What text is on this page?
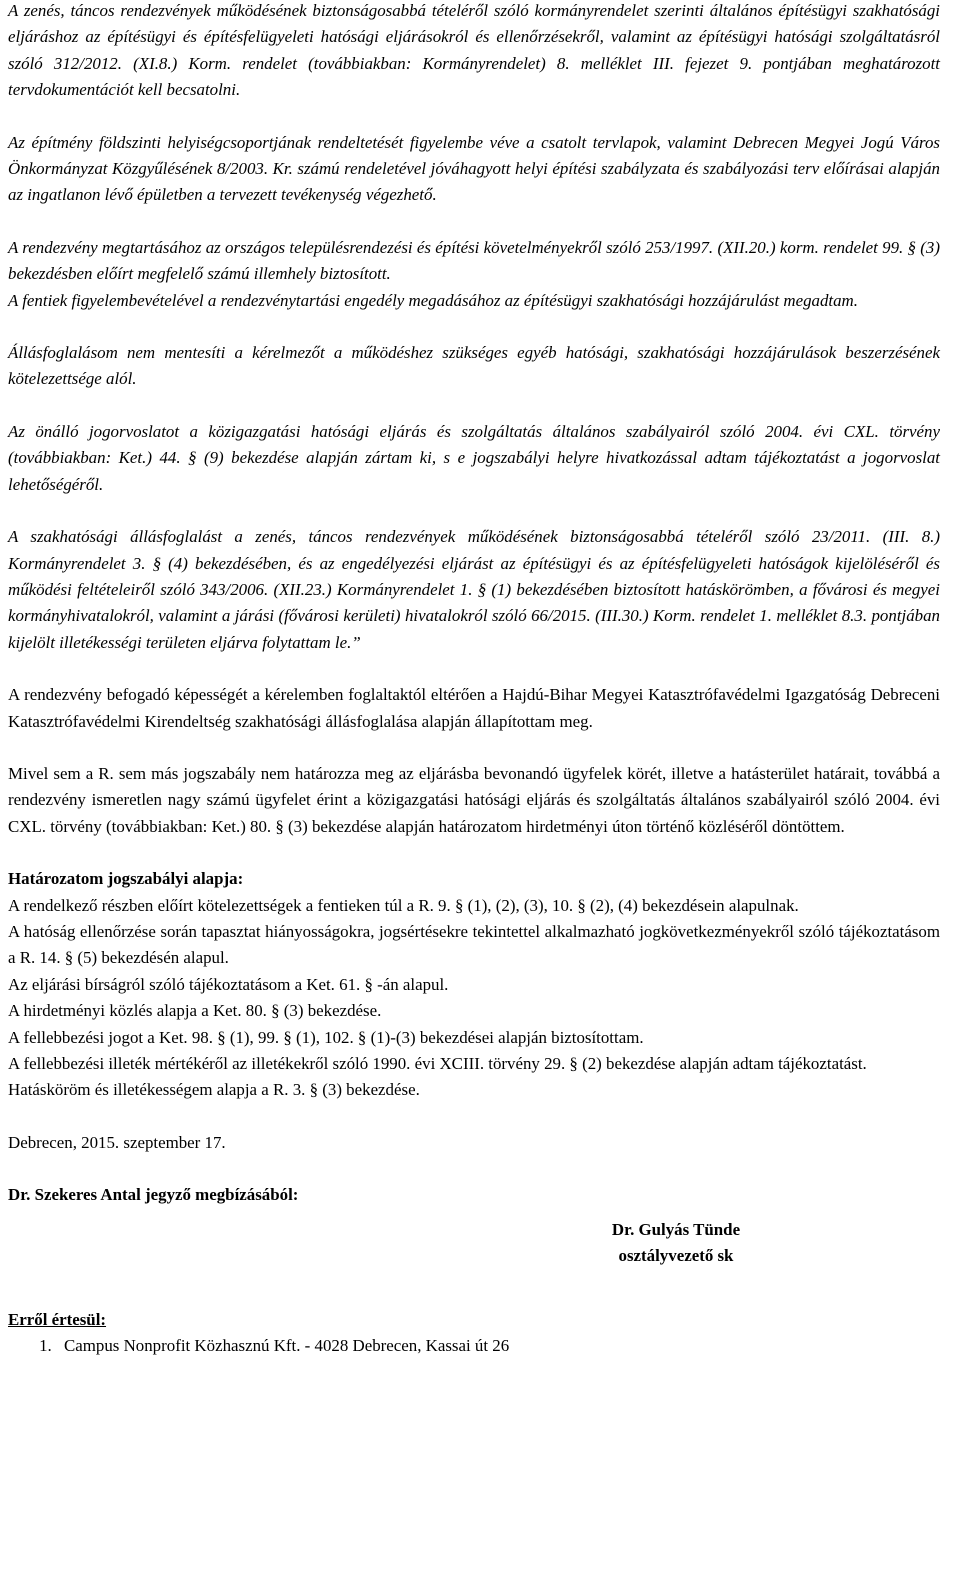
A zenés, táncos rendezvények működésének biztonságosabbá tételéről szóló kormányrendelet szerinti általános építésügyi szakhatósági eljáráshoz az építésügyi és építésfelügyeleti hatósági eljárásokról és ellenőrzésekről, valamint az építésügyi hatósági szolgáltatásról szóló 312/2012. (XI.8.) Korm. rendelet (továbbiakban: Kormányrendelet) 8. melléklet III. fejezet 9. pontjában meghatározott tervdokumentációt kell becsatolni.

Az építmény földszinti helyiségcsoportjának rendeltetését figyelembe véve a csatolt tervlapok, valamint Debrecen Megyei Jogú Város Önkormányzat Közgyűlésének 8/2003. Kr. számú rendeletével jóváhagyott helyi építési szabályzata és szabályozási terv előírásai alapján az ingatlanon lévő épületben a tervezett tevékenység végezhető.

A rendezvény megtartásához az országos településrendezési és építési követelményekről szóló 253/1997. (XII.20.) korm. rendelet 99. § (3) bekezdésben előírt megfelelő számú illemhely biztosított.

A fentiek figyelembevételével a rendezvénytartási engedély megadásához az építésügyi szakhatósági hozzájárulást megadtam.

Állásfoglalásom nem mentesíti a kérelmezőt a működéshez szükséges egyéb hatósági, szakhatósági hozzájárulások beszerzésének kötelezettsége alól.

Az önálló jogorvoslatot a közigazgatási hatósági eljárás és szolgáltatás általános szabályairól szóló 2004. évi CXL. törvény (továbbiakban: Ket.) 44. § (9) bekezdése alapján zártam ki, s e jogszabályi helyre hivatkozással adtam tájékoztatást a jogorvoslat lehetőségéről.

A szakhatósági állásfoglalást a zenés, táncos rendezvények működésének biztonságosabbá tételéről szóló 23/2011. (III. 8.) Kormányrendelet 3. § (4) bekezdésében, és az engedélyezési eljárást az építésügyi és az építésfelügyeleti hatóságok kijelöléséről és működési feltételeiről szóló 343/2006. (XII.23.) Kormányrendelet 1. § (1) bekezdésében biztosított hatáskörömben, a fővárosi és megyei kormányhivatalokról, valamint a járási (fővárosi kerületi) hivatalokról szóló 66/2015. (III.30.) Korm. rendelet 1. melléklet 8.3. pontjában kijelölt illetékességi területen eljárva folytattam le.”

A rendezvény befogadó képességét a kérelemben foglaltaktól eltérően a Hajdú-Bihar Megyei Katasztrófavédelmi Igazgatóság Debreceni Katasztrófavédelmi Kirendeltség szakhatósági állásfoglalása alapján állapítottam meg.

Mivel sem a R. sem más jogszabály nem határozza meg az eljárásba bevonandó ügyfelek körét, illetve a hatásterület határait, továbbá a rendezvény ismeretlen nagy számú ügyfelet érint a közigazgatási hatósági eljárás és szolgáltatás általános szabályairól szóló 2004. évi CXL. törvény (továbbiakban: Ket.) 80. § (3) bekezdése alapján határozatom hirdetményi úton történő közléséről döntöttem.

Határozatom jogszabályi alapja:

A rendelkező részben előírt kötelezettségek a fentieken túl a R. 9. § (1), (2), (3), 10. § (2), (4) bekezdésein alapulnak.

A hatóság ellenőrzése során tapasztat hiányosságokra, jogsértésekre tekintettel alkalmazható jogkövetkezményekről szóló tájékoztatásom a R. 14. § (5) bekezdésén alapul.

Az eljárási bírságról szóló tájékoztatásom a Ket. 61. § -án alapul.

A hirdetményi közlés alapja a Ket. 80. § (3) bekezdése.

A fellebbezési jogot a Ket. 98. § (1), 99. § (1), 102. § (1)-(3) bekezdései alapján biztosítottam.

A fellebbezési illeték mértékéről az illetékekről szóló 1990. évi XCIII. törvény 29. § (2) bekezdése alapján adtam tájékoztatást.

Hatásköröm és illetékességem alapja a R. 3. § (3) bekezdése.

Debrecen, 2015. szeptember 17.

Dr. Szekeres Antal jegyző megbízásából:

Dr. Gulyás Tünde
osztályvezető sk

Erről értesül:

1. Campus Nonprofit Közhasznú Kft. - 4028 Debrecen, Kassai út 26
